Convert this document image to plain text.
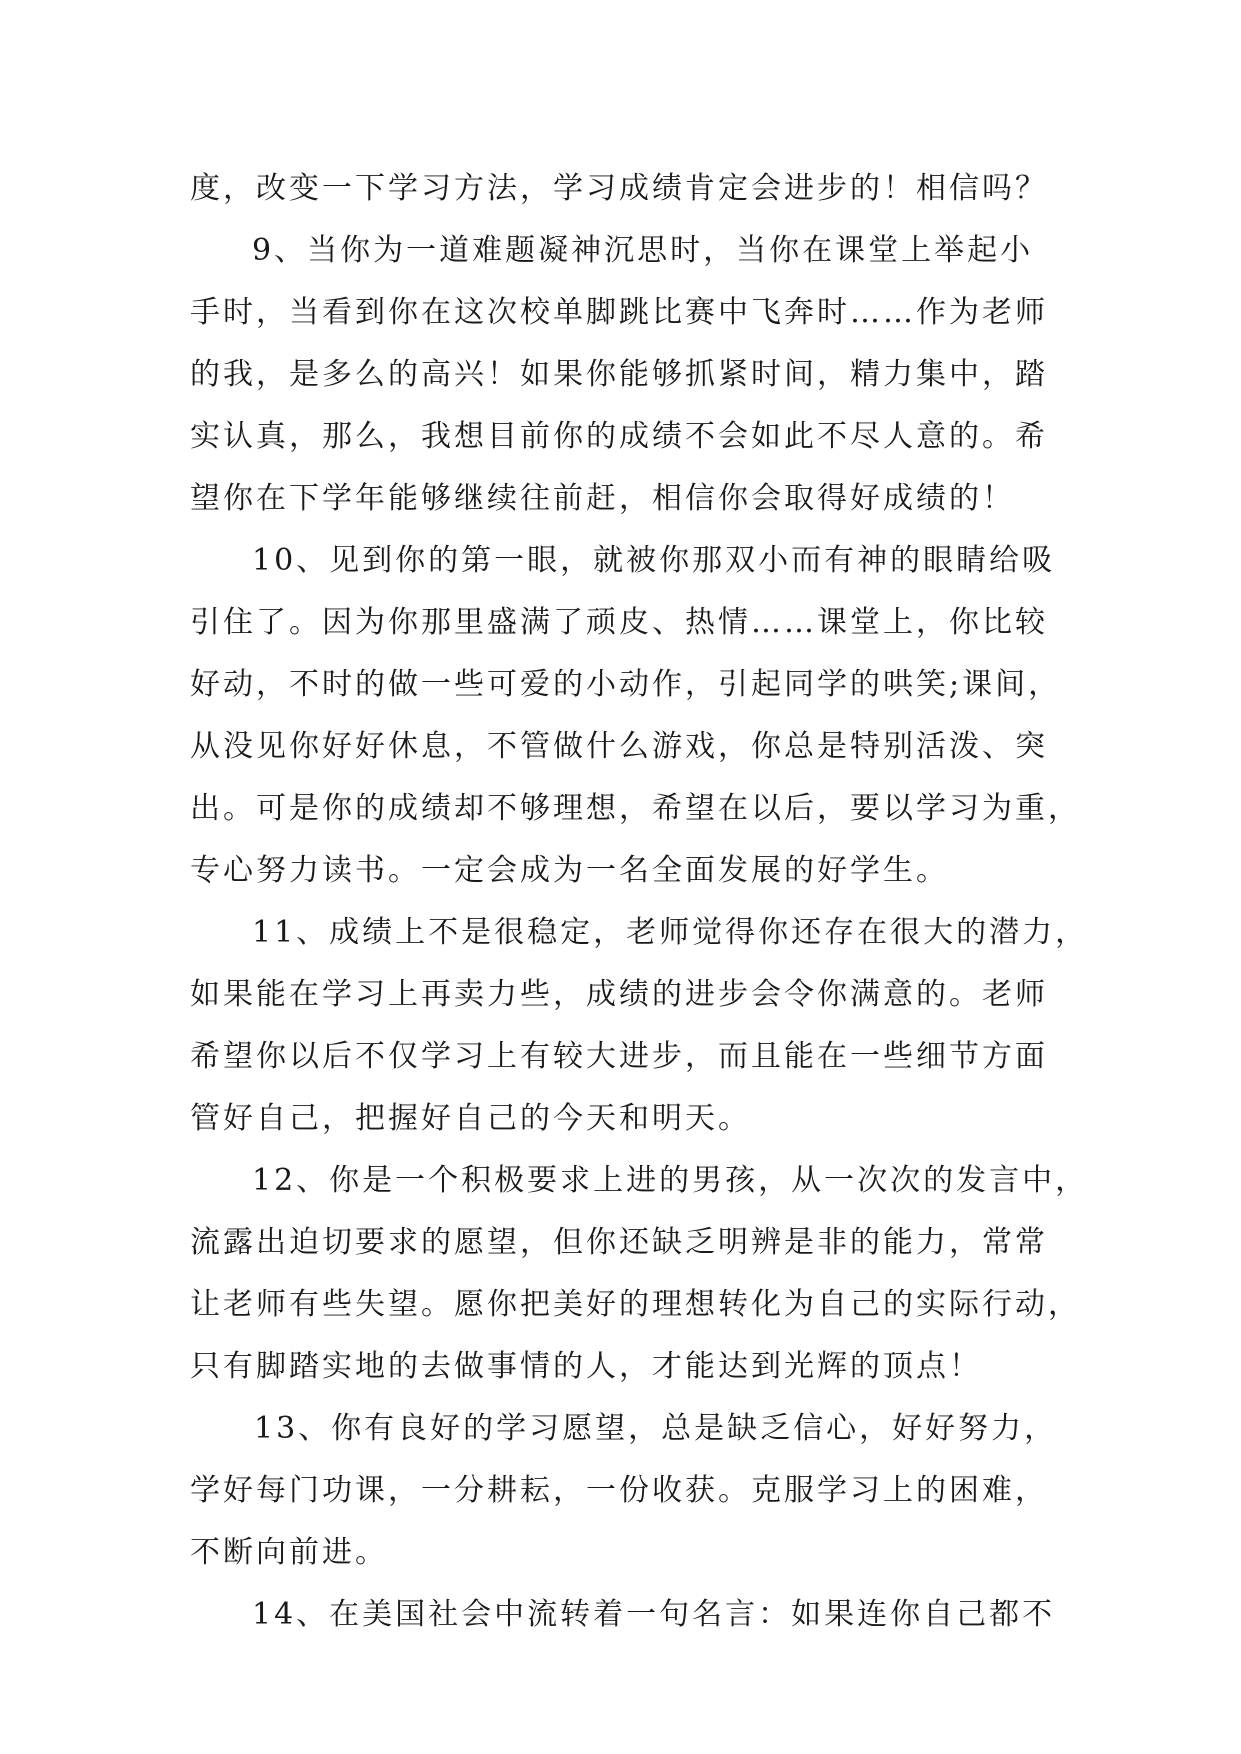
度，改变一下学习方法，学习成绩肯定会进步的！相信吗？
9、当你为一道难题凝神沉思时，当你在课堂上举起小
手时，当看到你在这次校单脚跳比赛中飞奔时……作为老师
的我，是多么的高兴！如果你能够抓紧时间，精力集中，踏
实认真，那么，我想目前你的成绩不会如此不尽人意的。希
望你在下学年能够继续往前赶，相信你会取得好成绩的！
10、见到你的第一眼，就被你那双小而有神的眼睛给吸
引住了。因为你那里盛满了顽皮、热情……课堂上，你比较
好动，不时的做一些可爱的小动作，引起同学的哄笑;课间，
从没见你好好休息，不管做什么游戏，你总是特别活泼、突
出。可是你的成绩却不够理想，希望在以后，要以学习为重，
专心努力读书。一定会成为一名全面发展的好学生。
11、成绩上不是很稳定，老师觉得你还存在很大的潜力，
如果能在学习上再卖力些，成绩的进步会令你满意的。老师
希望你以后不仅学习上有较大进步，而且能在一些细节方面
管好自己，把握好自己的今天和明天。
12、你是一个积极要求上进的男孩，从一次次的发言中，
流露出迫切要求的愿望，但你还缺乏明辨是非的能力，常常
让老师有些失望。愿你把美好的理想转化为自己的实际行动，
只有脚踏实地的去做事情的人，才能达到光辉的顶点！
13、你有良好的学习愿望，总是缺乏信心，好好努力，
学好每门功课，一分耕耘，一份收获。克服学习上的困难，
不断向前进。
14、在美国社会中流转着一句名言：如果连你自己都不
